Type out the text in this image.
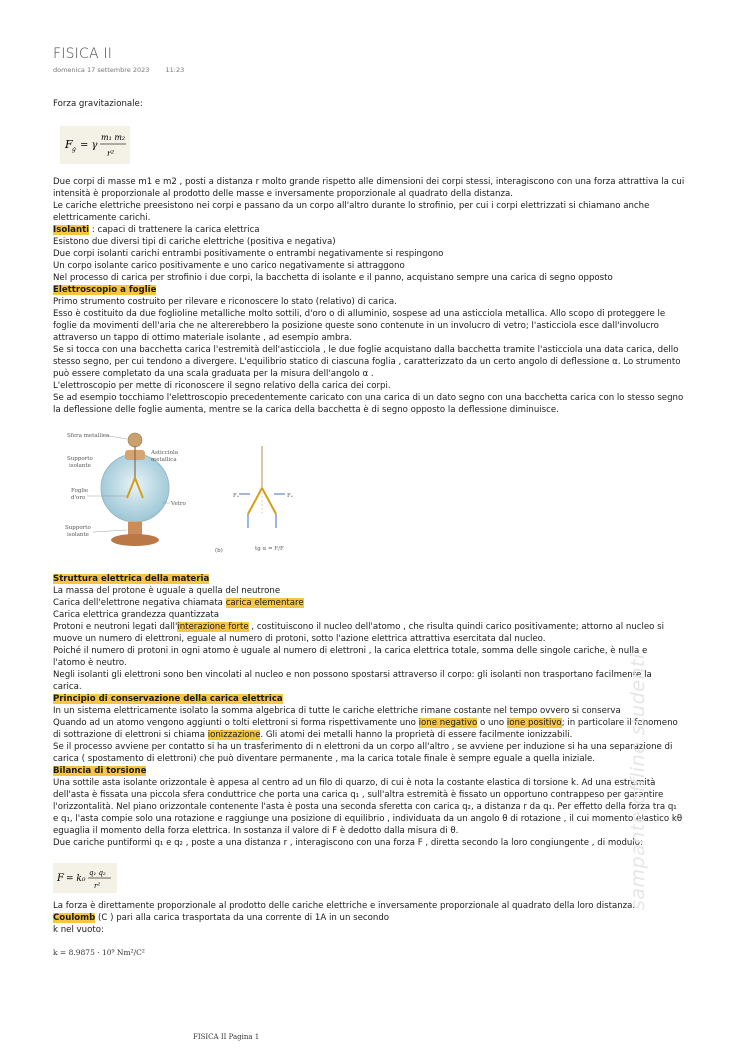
FISICA II
domenica 17 settembre 2023 11:23
Forza gravitazionale:
F g = γ
m₁ m₂
r²
Due corpi di masse m1 e m2 , posti a distanza r molto grande rispetto alle dimensioni dei corpi stessi, interagiscono con una forza attrattiva la cui
intensità è proporzionale al prodotto delle masse e inversamente proporzionale al quadrato della distanza.
Le cariche elettriche preesistono nei corpi e passano da un corpo all'altro durante lo strofinio, per cui i corpi elettrizzati si chiamano anche
elettricamente carichi.
Isolanti : capaci di trattenere la carica elettrica
Esistono due diversi tipi di cariche elettriche (positiva e negativa)
Due corpi isolanti carichi entrambi positivamente o entrambi negativamente si respingono
Un corpo isolante carico positivamente e uno carico negativamente si attraggono
Nel processo di carica per strofinio i due corpi, la bacchetta di isolante e il panno, acquistano sempre una carica di segno opposto
Elettroscopio a foglie
Primo strumento costruito per rilevare e riconoscere lo stato (relativo) di carica.
Esso è costituito da due foglioline metalliche molto sottili, d'oro o di alluminio, sospese ad una asticciola metallica. Allo scopo di proteggere le
foglie da movimenti dell'aria che ne altererebbero la posizione queste sono contenute in un involucro di vetro; l'asticciola esce dall'involucro
attraverso un tappo di ottimo materiale isolante , ad esempio ambra.
Se si tocca con una bacchetta carica l'estremità dell'asticciola , le due foglie acquistano dalla bacchetta tramite l'asticciola una data carica, dello
stesso segno, per cui tendono a divergere. L'equilibrio statico di ciascuna foglia , caratterizzato da un certo angolo di deflessione α. Lo strumento
può essere completato da una scala graduata per la misura dell'angolo α .
L'elettroscopio per mette di riconoscere il segno relativo della carica dei corpi.
Se ad esempio tocchiamo l'elettroscopio precedentemente caricato con una carica di un dato segno con una bacchetta carica con lo stesso segno
la deflessione delle foglie aumenta, mentre se la carica della bacchetta è di segno opposto la deflessione diminuisce.
Sfera metallica
Asticciola
metallica
Supporto
isolante
Foglie
d'oro
Vetro
Supporto
isolante
Fₑ	Fₑ
(b)	tg α = F/F
Struttura elettrica della materia
La massa del protone è uguale a quella del neutrone
Carica dell'elettrone negativa chiamata carica elementare
Carica elettrica grandezza quantizzata
Protoni e neutroni legati dall'interazione forte , costituiscono il nucleo dell'atomo , che risulta quindi carico positivamente; attorno al nucleo si
muove un numero di elettroni, eguale al numero di protoni, sotto l'azione elettrica attrattiva esercitata dal nucleo.
Poiché il numero di protoni in ogni atomo è uguale al numero di elettroni , la carica elettrica totale, somma delle singole cariche, è nulla e
l'atomo è neutro.
Negli isolanti gli elettroni sono ben vincolati al nucleo e non possono spostarsi attraverso il corpo: gli isolanti non trasportano facilmente la
carica.
Principio di conservazione della carica elettrica
In un sistema elettricamente isolato la somma algebrica di tutte le cariche elettriche rimane costante nel tempo ovvero si conserva
Quando ad un atomo vengono aggiunti o tolti elettroni si forma rispettivamente uno ione negativo o uno ione positivo; in particolare il fenomeno
di sottrazione di elettroni si chiama ionizzazione. Gli atomi dei metalli hanno la proprietà di essere facilmente ionizzabili.
Se il processo avviene per contatto si ha un trasferimento di n elettroni da un corpo all'altro , se avviene per induzione si ha una separazione di
carica ( spostamento di elettroni) che può diventare permanente , ma la carica totale finale è sempre eguale a quella iniziale.
Bilancia di torsione
Una sottile asta isolante orizzontale è appesa al centro ad un filo di quarzo, di cui è nota la costante elastica di torsione k. Ad una estremità
dell'asta è fissata una piccola sfera conduttrice che porta una carica q₁ , sull'altra estremità è fissato un opportuno contrappeso per garantire
l'orizzontalità. Nel piano orizzontale contenente l'asta è posta una seconda sferetta con carica q₂, a distanza r da q₁. Per effetto della forza tra q₁
e q₁, l'asta compie solo una rotazione e raggiunge una posizione di equilibrio , individuata da un angolo θ di rotazione , il cui momento elastico kθ
eguaglia il momento della forza elettrica. In sostanza il valore di F è dedotto dalla misura di θ.
Due cariche puntiformi q₁ e q₂ , poste a una distanza r , interagiscono con una forza F , diretta secondo la loro congiungente , di modulo:
F = k₀
q₁ q₂
r²
La forza è direttamente proporzionale al prodotto delle cariche elettriche e inversamente proporzionale al quadrato della loro distanza.
Coulomb (C ) pari alla carica trasportata da una corrente di 1A in un secondo
k nel vuoto:
k = 8.9875 · 10⁹ Nm²/C²
sampante offline studenti
FISICA II Pagina 1
